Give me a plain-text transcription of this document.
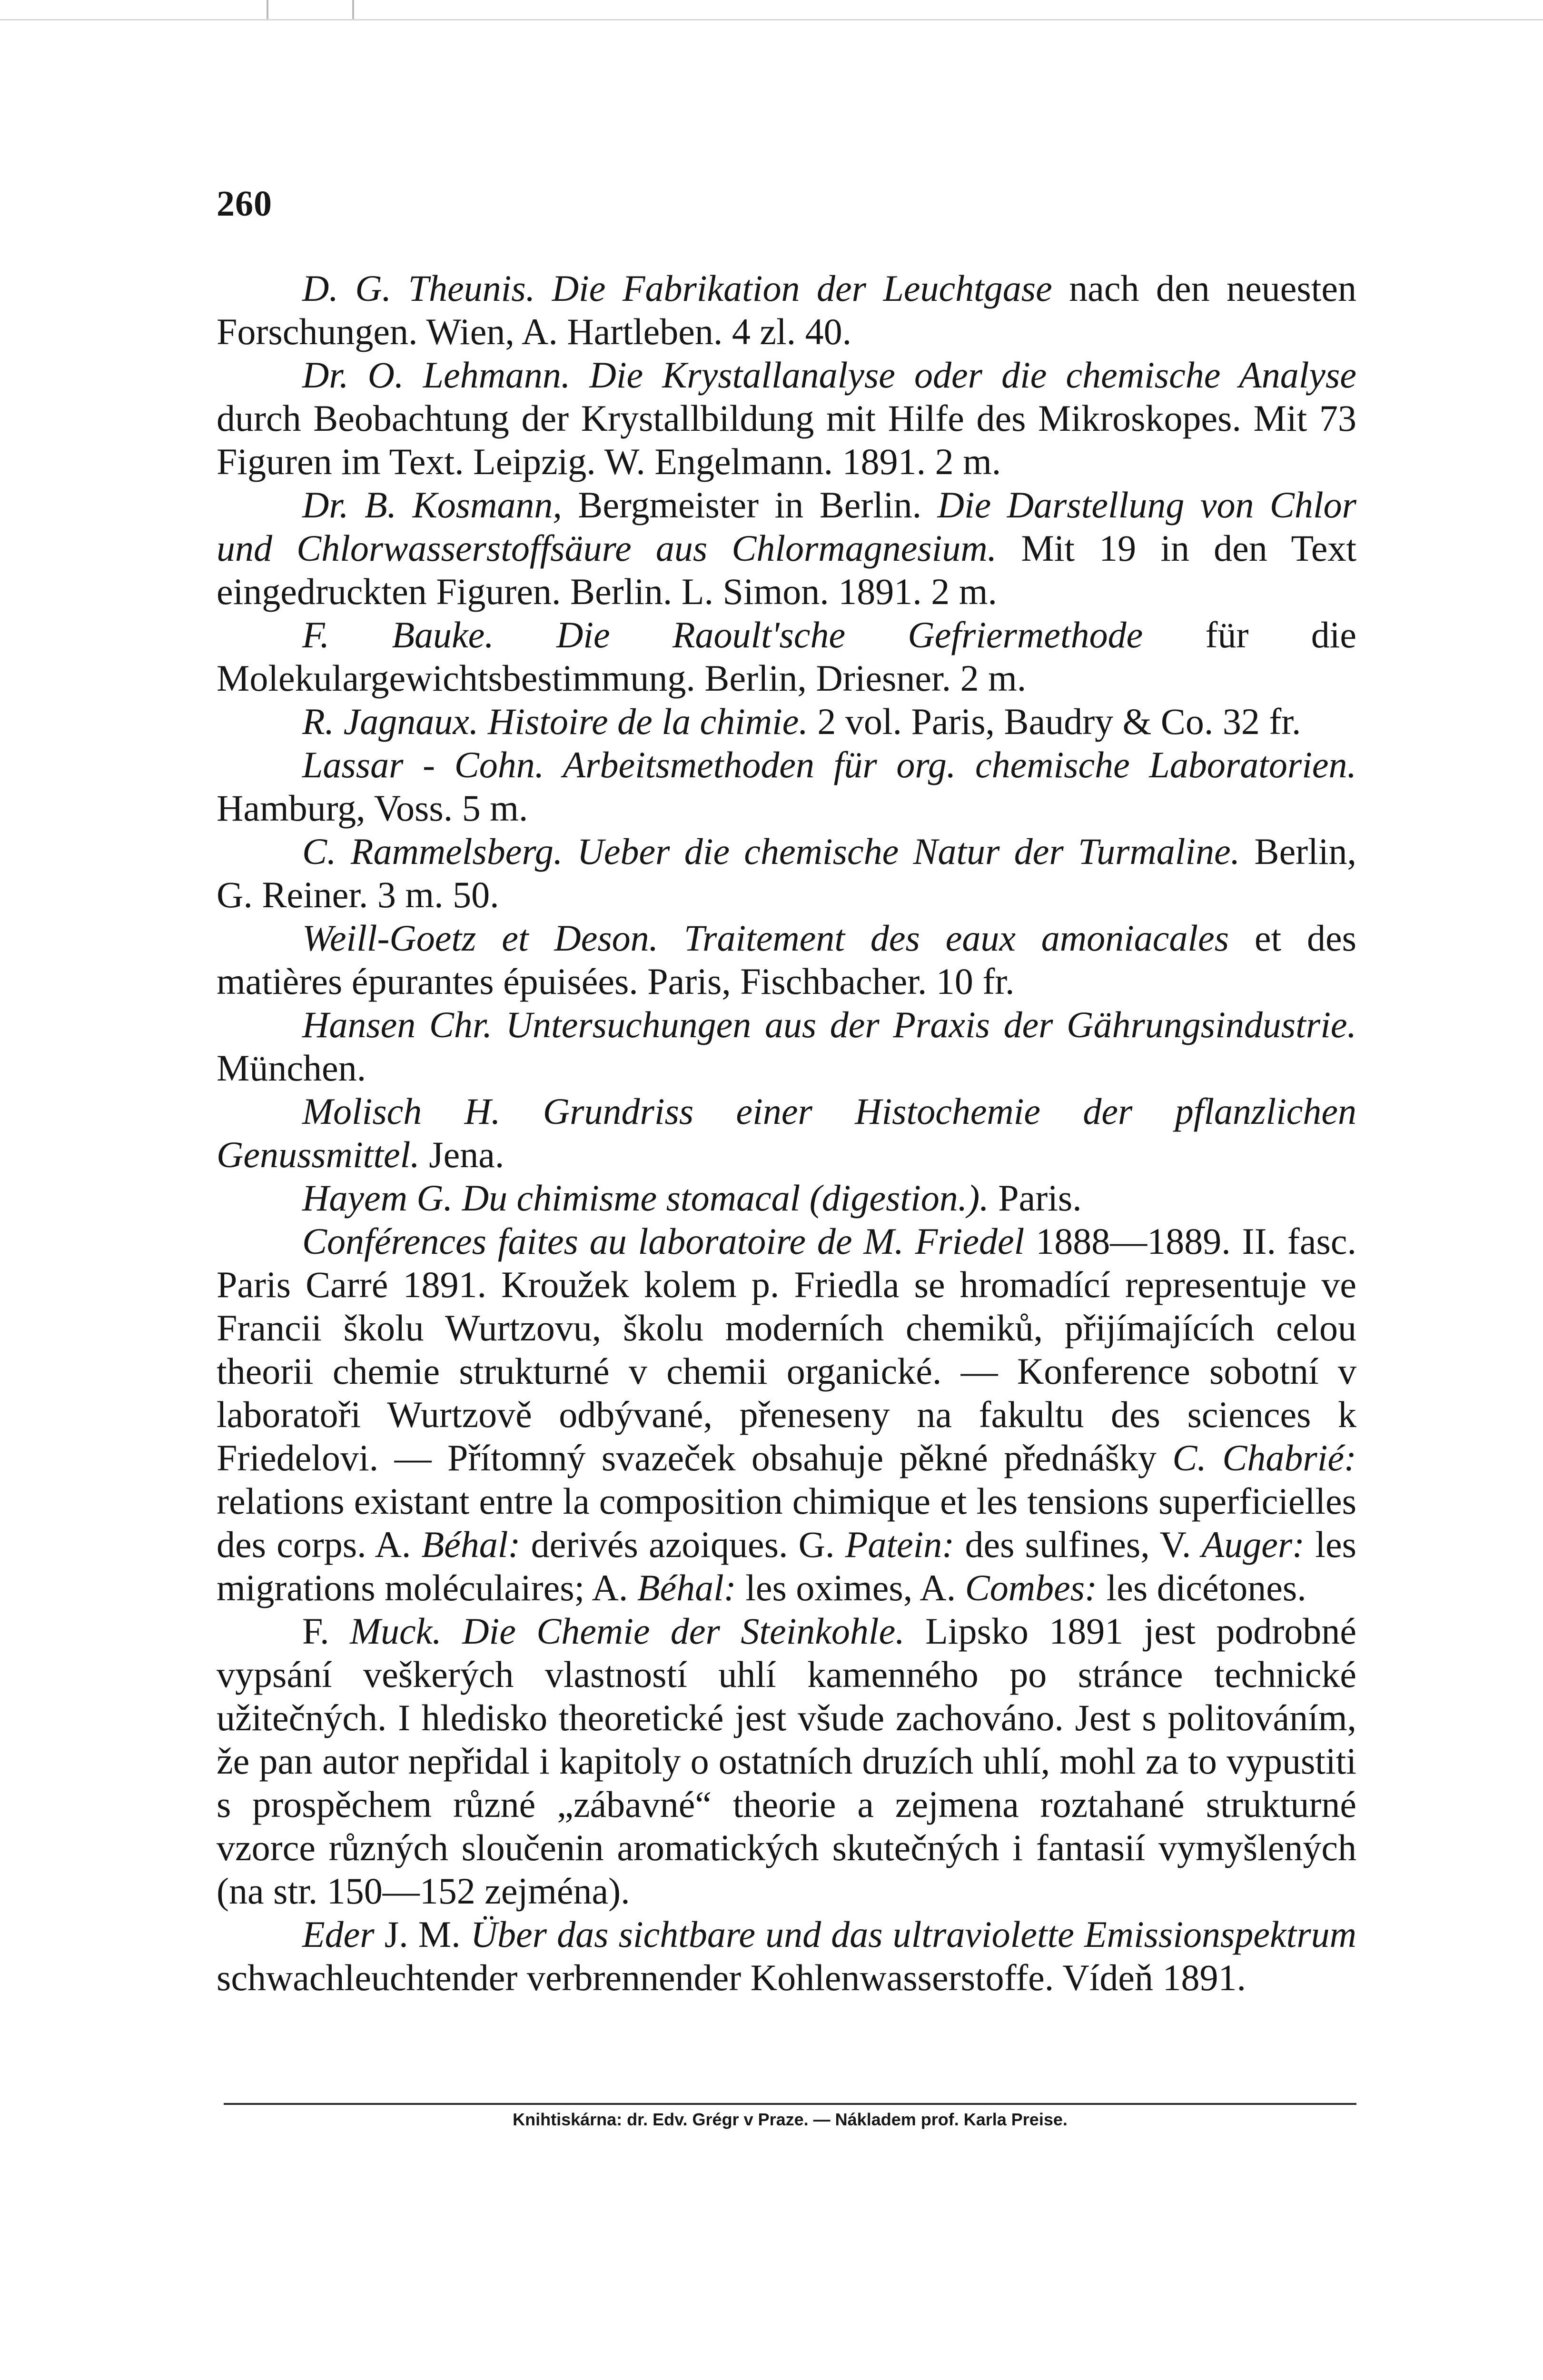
260

D. G. Theunis. Die Fabrikation der Leuchtgase nach den neuesten Forschungen. Wien, A. Hartleben. 4 zl. 40.

Dr. O. Lehmann. Die Krystallanalyse oder die chemische Analyse durch Beobachtung der Krystallbildung mit Hilfe des Mikroskopes. Mit 73 Figuren im Text. Leipzig. W. Engelmann. 1891. 2 m.

Dr. B. Kosmann, Bergmeister in Berlin. Die Darstellung von Chlor und Chlorwasserstoffsäure aus Chlormagnesium. Mit 19 in den Text eingedruckten Figuren. Berlin. L. Simon. 1891. 2 m.

F. Bauke. Die Raoult'sche Gefriermethode für die Molekulargewichtsbestimmung. Berlin, Driesner. 2 m.

R. Jagnaux. Histoire de la chimie. 2 vol. Paris, Baudry & Co. 32 fr.

Lassar - Cohn. Arbeitsmethoden für org. chemische Laboratorien. Hamburg, Voss. 5 m.

C. Rammelsberg. Ueber die chemische Natur der Turmaline. Berlin, G. Reiner. 3 m. 50.

Weill-Goetz et Deson. Traitement des eaux amoniacales et des matières épurantes épuisées. Paris, Fischbacher. 10 fr.

Hansen Chr. Untersuchungen aus der Praxis der Gährungsindustrie. München.

Molisch H. Grundriss einer Histochemie der pflanzlichen Genussmittel. Jena.

Hayem G. Du chimisme stomacal (digestion.). Paris.

Conférences faites au laboratoire de M. Friedel 1888—1889. II. fasc. Paris Carré 1891. Kroužek kolem p. Friedla se hromadící representuje ve Francii školu Wurtzovu, školu moderních chemiků, přijímajících celou theorii chemie strukturné v chemii organické. — Konference sobotní v laboratoři Wurtzově odbývané, přeneseny na fakultu des sciences k Friedelovi. — Přítomný svazeček obsahuje pěkné přednášky C. Chabrié: relations existant entre la composition chimique et les tensions superficielles des corps. A. Béhal: derivés azoiques. G. Patein: des sulfines, V. Auger: les migrations moléculaires; A. Béhal: les oximes, A. Combes: les dicétones.

F. Muck. Die Chemie der Steinkohle. Lipsko 1891 jest podrobné vypsání veškerých vlastností uhlí kamenného po stránce technické užitečných. I hledisko theoretické jest všude zachováno. Jest s politováním, že pan autor nepřidal i kapitoly o ostatních druzích uhlí, mohl za to vypustiti s prospěchem různé „zábavné“ theorie a zejmena roztahané strukturné vzorce různých sloučenin aromatických skutečných i fantasií vymyšlených (na str. 150—152 zejména).

Eder J. M. Über das sichtbare und das ultraviolette Emissionspektrum schwachleuchtender verbrennender Kohlenwasserstoffe. Vídeň 1891.

Knihtiskárna: dr. Edv. Grégr v Praze. — Nákladem prof. Karla Preise.
